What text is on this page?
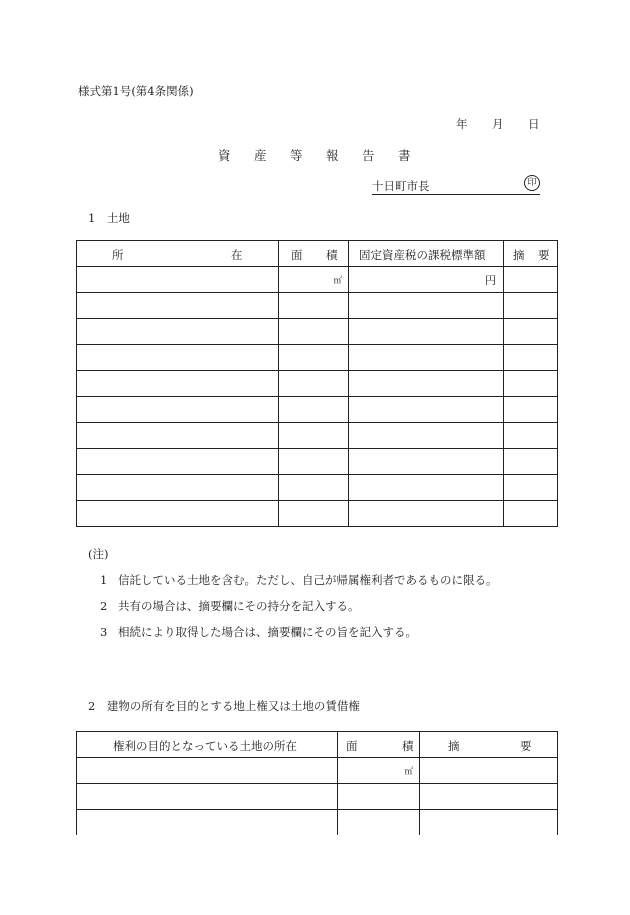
様式第1号(第4条関係)
年 月 日
資 産 等 報 告 書
十日町市長	印
1　土地
所 在	面 積	固定資産税の課税標準額	摘 要

	㎡	円	

(注)
1 信託している土地を含む。ただし、自己が帰属権利者であるものに限る。
2 共有の場合は、摘要欄にその持分を記入する。
3 相続により取得した場合は、摘要欄にその旨を記入する。
2　建物の所有を目的とする地上権又は土地の賃借権
権利の目的となっている土地の所在	面 積	摘 要

	㎡	
